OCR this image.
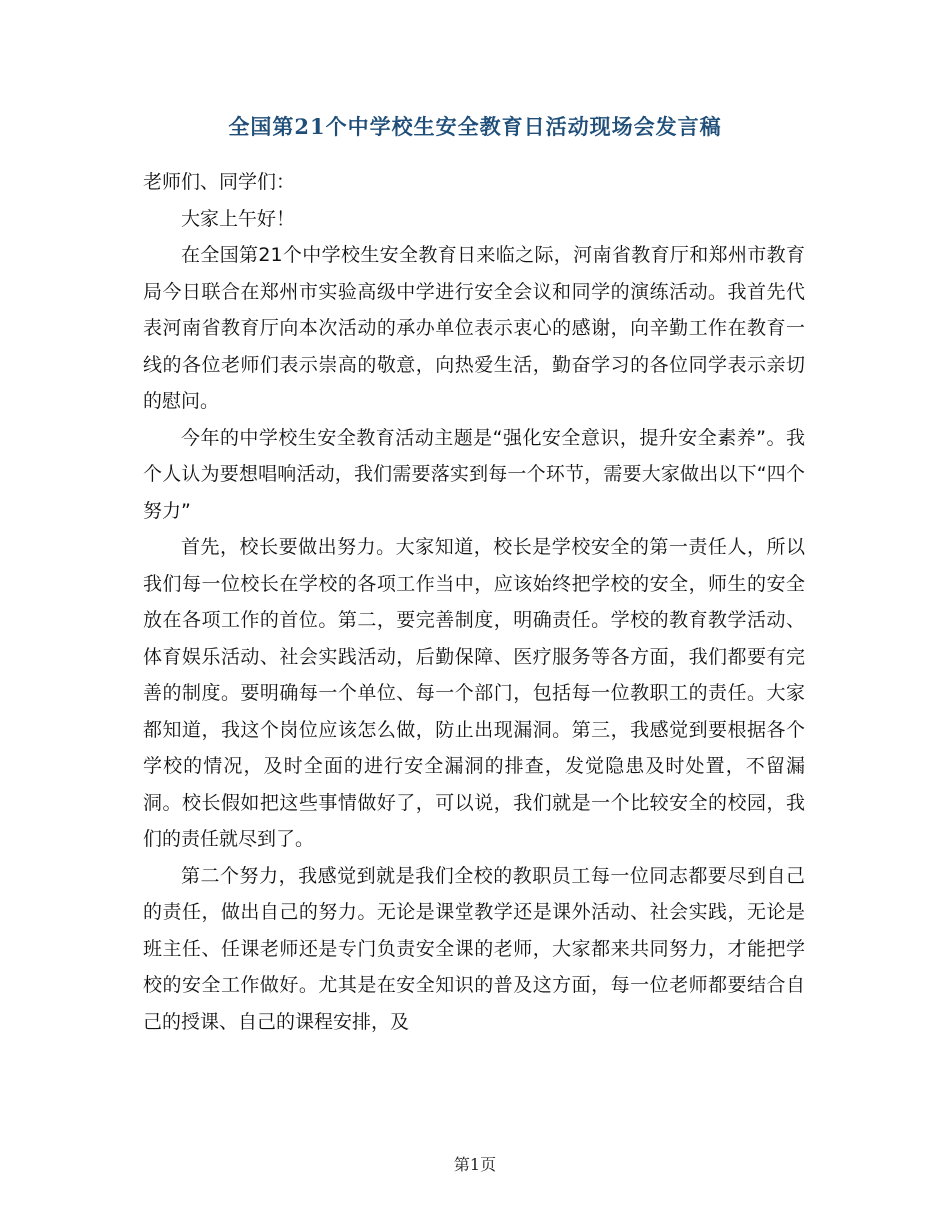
全国第21个中学校生安全教育日活动现场会发言稿

老师们、同学们：

大家上午好！

在全国第21个中学校生安全教育日来临之际，河南省教育厅和郑州市教育局今日联合在郑州市实验高级中学进行安全会议和同学的演练活动。我首先代表河南省教育厅向本次活动的承办单位表示衷心的感谢，向辛勤工作在教育一线的各位老师们表示崇高的敬意，向热爱生活，勤奋学习的各位同学表示亲切的慰问。

今年的中学校生安全教育活动主题是“强化安全意识，提升安全素养”。我个人认为要想唱响活动，我们需要落实到每一个环节，需要大家做出以下“四个努力”

首先，校长要做出努力。大家知道，校长是学校安全的第一责任人，所以我们每一位校长在学校的各项工作当中，应该始终把学校的安全，师生的安全放在各项工作的首位。第二，要完善制度，明确责任。学校的教育教学活动、体育娱乐活动、社会实践活动，后勤保障、医疗服务等各方面，我们都要有完善的制度。要明确每一个单位、每一个部门，包括每一位教职工的责任。大家都知道，我这个岗位应该怎么做，防止出现漏洞。第三，我感觉到要根据各个学校的情况，及时全面的进行安全漏洞的排查，发觉隐患及时处置，不留漏洞。校长假如把这些事情做好了，可以说，我们就是一个比较安全的校园，我们的责任就尽到了。

第二个努力，我感觉到就是我们全校的教职员工每一位同志都要尽到自己的责任，做出自己的努力。无论是课堂教学还是课外活动、社会实践，无论是班主任、任课老师还是专门负责安全课的老师，大家都来共同努力，才能把学校的安全工作做好。尤其是在安全知识的普及这方面，每一位老师都要结合自己的授课、自己的课程安排，及

第1页
